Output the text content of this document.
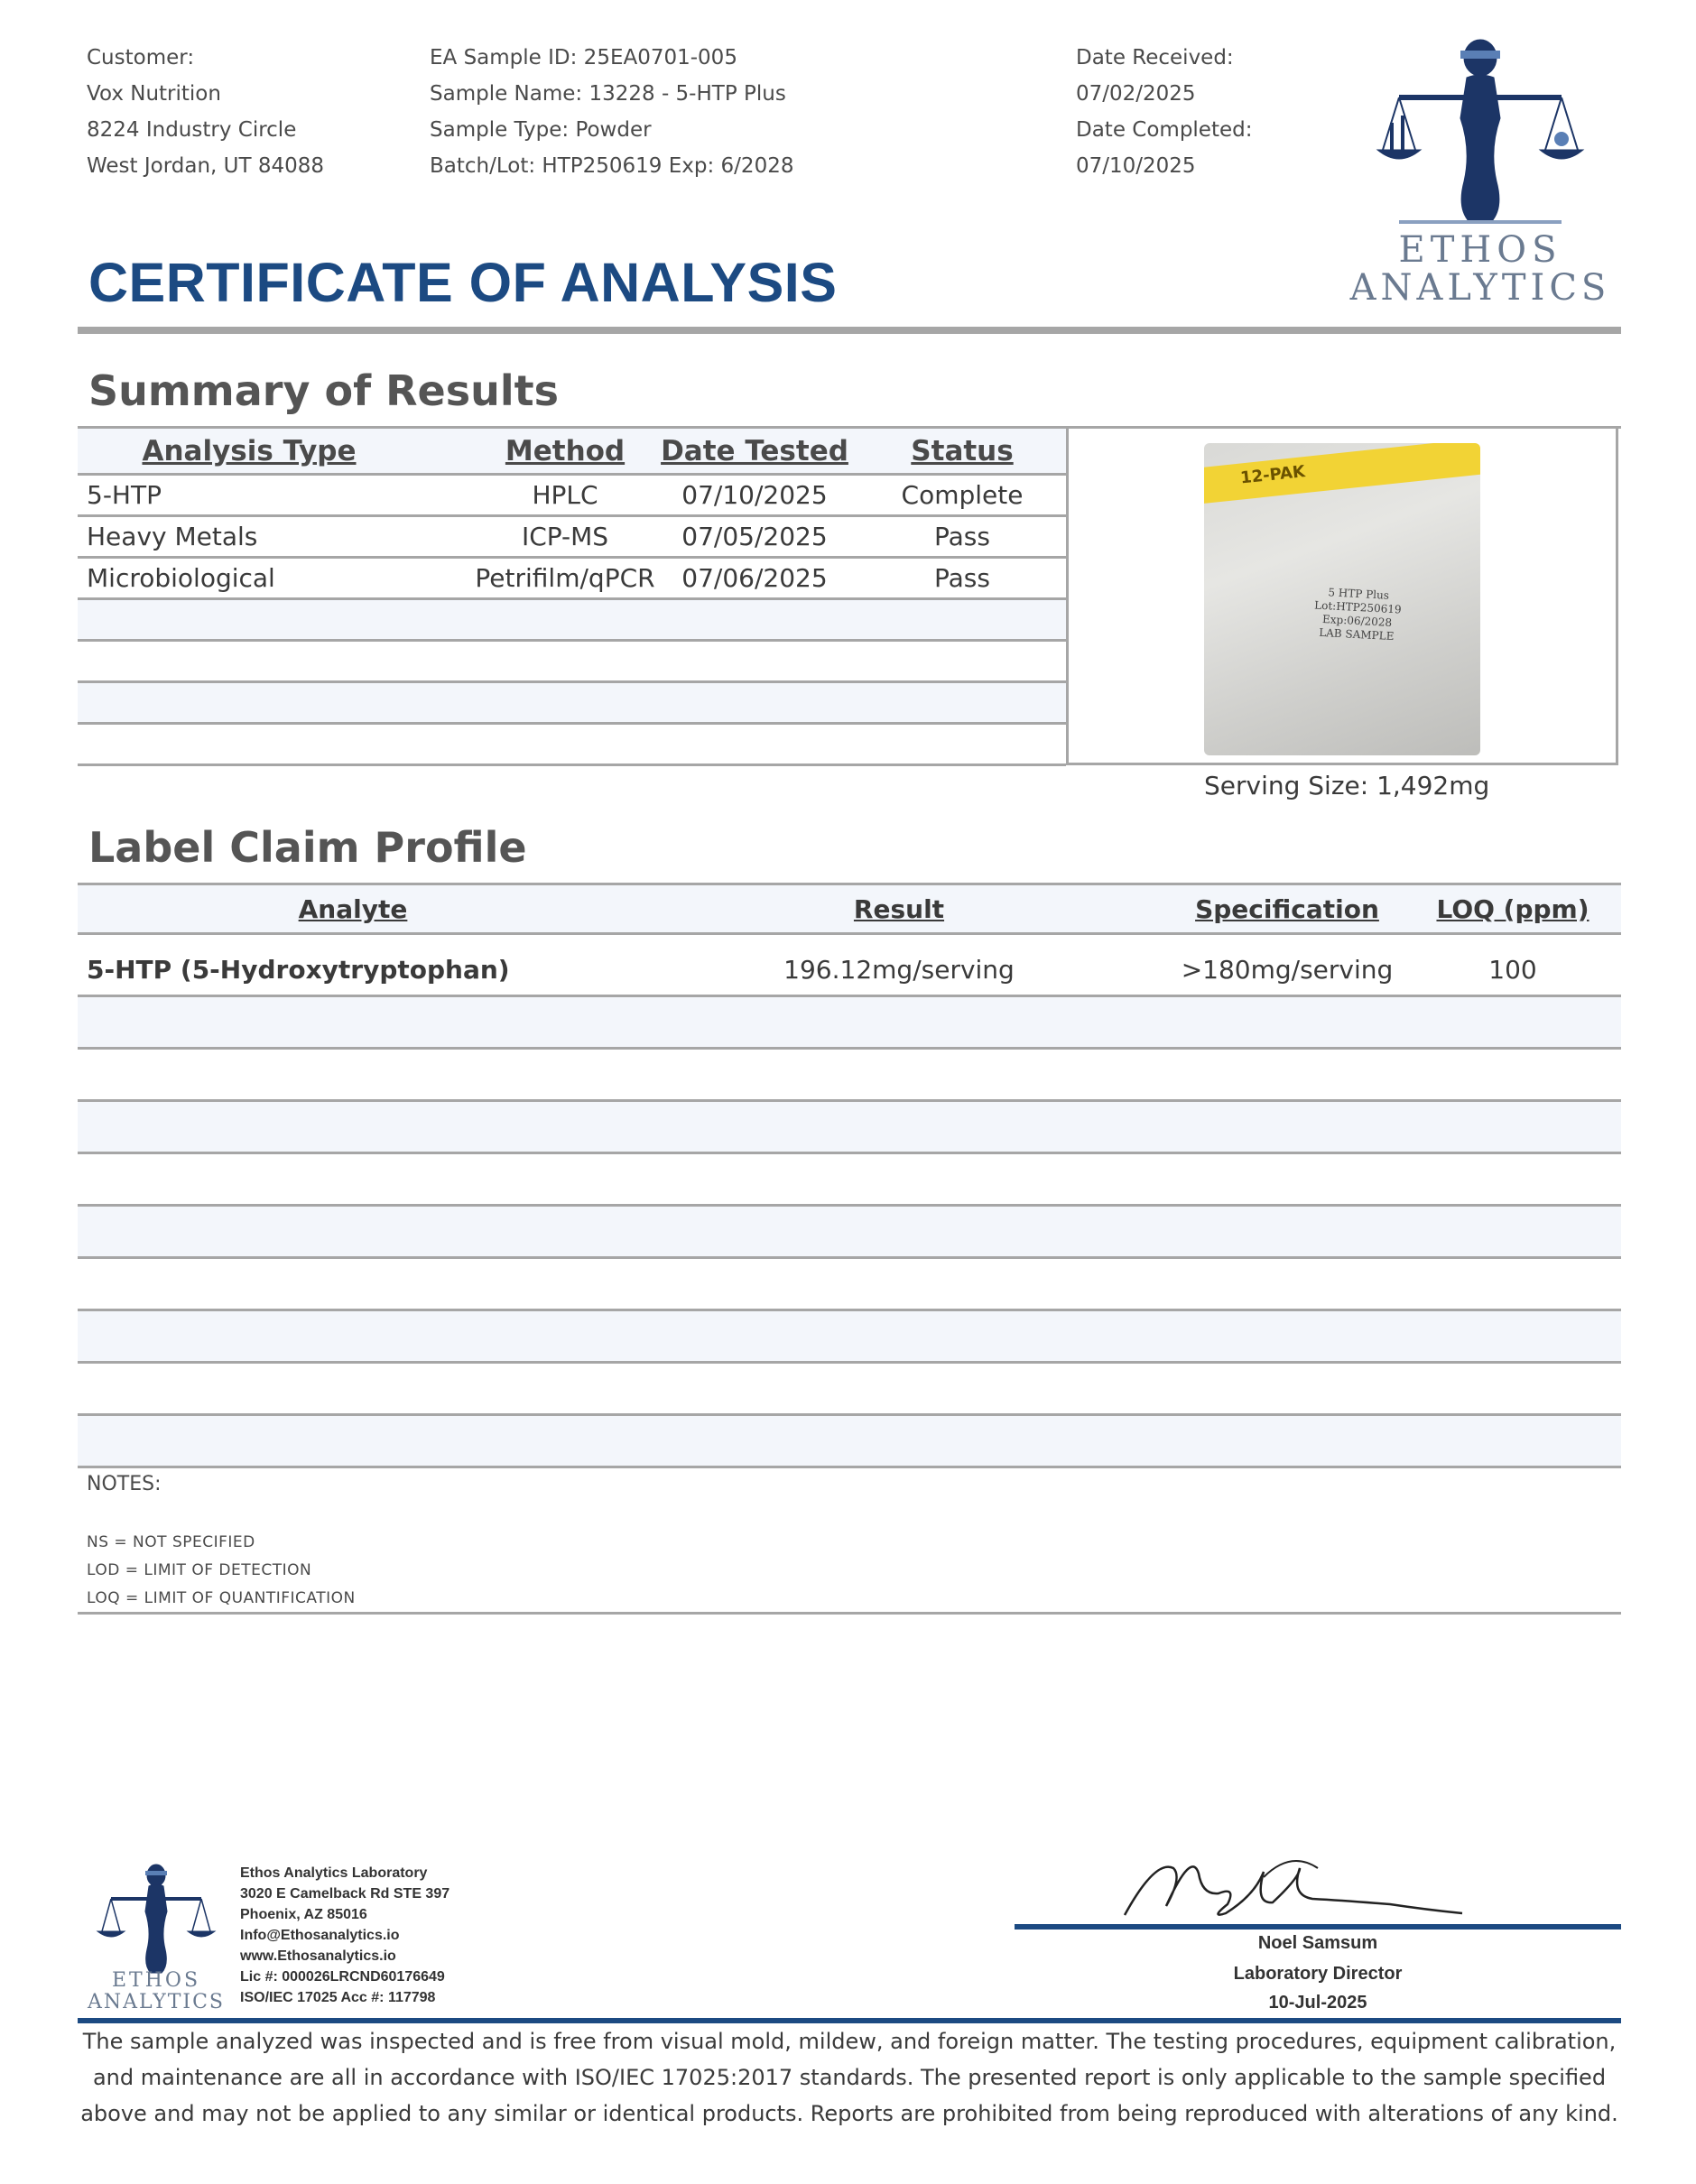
Customer:
Vox Nutrition
8224 Industry Circle
West Jordan, UT 84088
EA Sample ID: 25EA0701-005
Sample Name: 13228 - 5-HTP Plus
Sample Type: Powder
Batch/Lot: HTP250619 Exp: 6/2028
Date Received:
07/02/2025
Date Completed:
07/10/2025
ETHOS
ANALYTICS
CERTIFICATE OF ANALYSIS
Summary of Results
Analysis Type	Method	Date Tested	Status
5-HTP	HPLC	07/10/2025	Complete
Heavy Metals	ICP-MS	07/05/2025	Pass
Microbiological	Petrifilm/qPCR	07/06/2025	Pass
12-PAK
5 HTP Plus
Lot:HTP250619
Exp:06/2028
LAB SAMPLE
Serving Size: 1,492mg
Label Claim Profile
Analyte	Result	Specification	LOQ (ppm)
5-HTP (5-Hydroxytryptophan)	196.12mg/serving	>180mg/serving	100
NOTES:
NS = NOT SPECIFIED
LOD = LIMIT OF DETECTION
LOQ = LIMIT OF QUANTIFICATION
ETHOS
ANALYTICS
Ethos Analytics Laboratory
3020 E Camelback Rd STE 397
Phoenix, AZ 85016
Info@Ethosanalytics.io
www.Ethosanalytics.io
Lic #: 000026LRCND60176649
ISO/IEC 17025 Acc #: 117798
Noel Samsum
Laboratory Director
10-Jul-2025
The sample analyzed was inspected and is free from visual mold, mildew, and foreign matter. The testing procedures, equipment calibration, and maintenance are all in accordance with ISO/IEC 17025:2017 standards. The presented report is only applicable to the sample specified above and may not be applied to any similar or identical products. Reports are prohibited from being reproduced with alterations of any kind.
